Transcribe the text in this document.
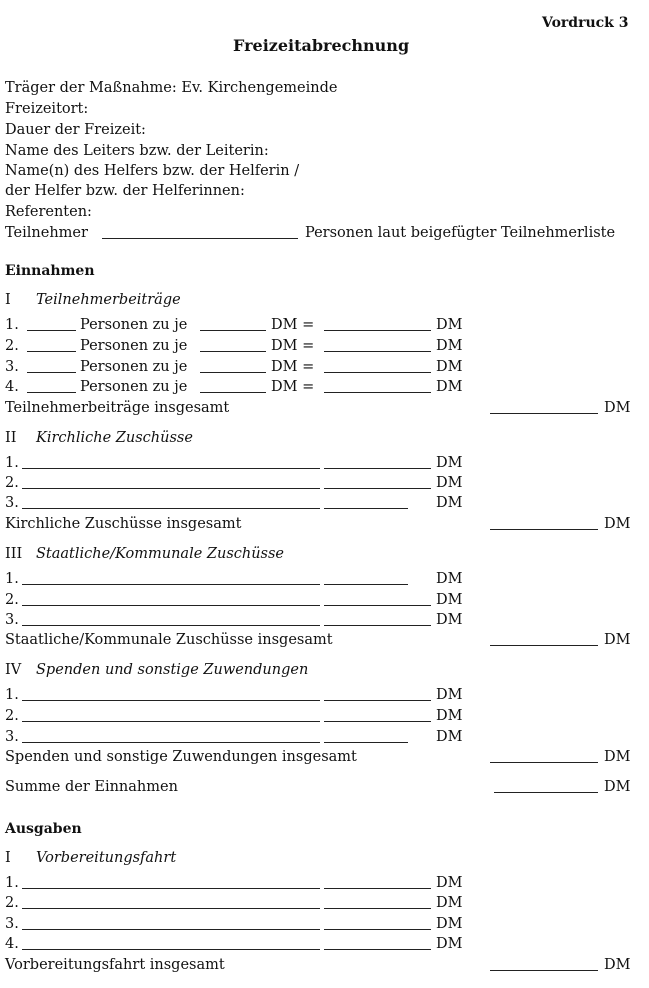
Vordruck 3
Freizeitabrechnung
Träger der Maßnahme: Ev. Kirchengemeinde
Freizeitort:
Dauer der Freizeit:
Name des Leiters bzw. der Leiterin:
Name(n) des Helfers bzw. der Helferin /
der Helfer bzw. der Helferinnen:
Referenten:
Teilnehmer	Personen laut beigefügter Teilnehmerliste
Einnahmen
I Teilnehmerbeiträge
1.	Personen zu je	DM =	DM
2.	Personen zu je	DM =	DM
3.	Personen zu je	DM =	DM
4.	Personen zu je	DM =	DM
Teilnehmerbeiträge insgesamt	DM
II Kirchliche Zuschüsse
1.	DM
2.	DM
3.	DM
Kirchliche Zuschüsse insgesamt	DM
III Staatliche/Kommunale Zuschüsse
1.	DM
2.	DM
3.	DM
Staatliche/Kommunale Zuschüsse insgesamt	DM
IV Spenden und sonstige Zuwendungen
1.	DM
2.	DM
3.	DM
Spenden und sonstige Zuwendungen insgesamt	DM
Summe der Einnahmen	DM
Ausgaben
I Vorbereitungsfahrt
1.	DM
2.	DM
3.	DM
4.	DM
Vorbereitungsfahrt insgesamt	DM
